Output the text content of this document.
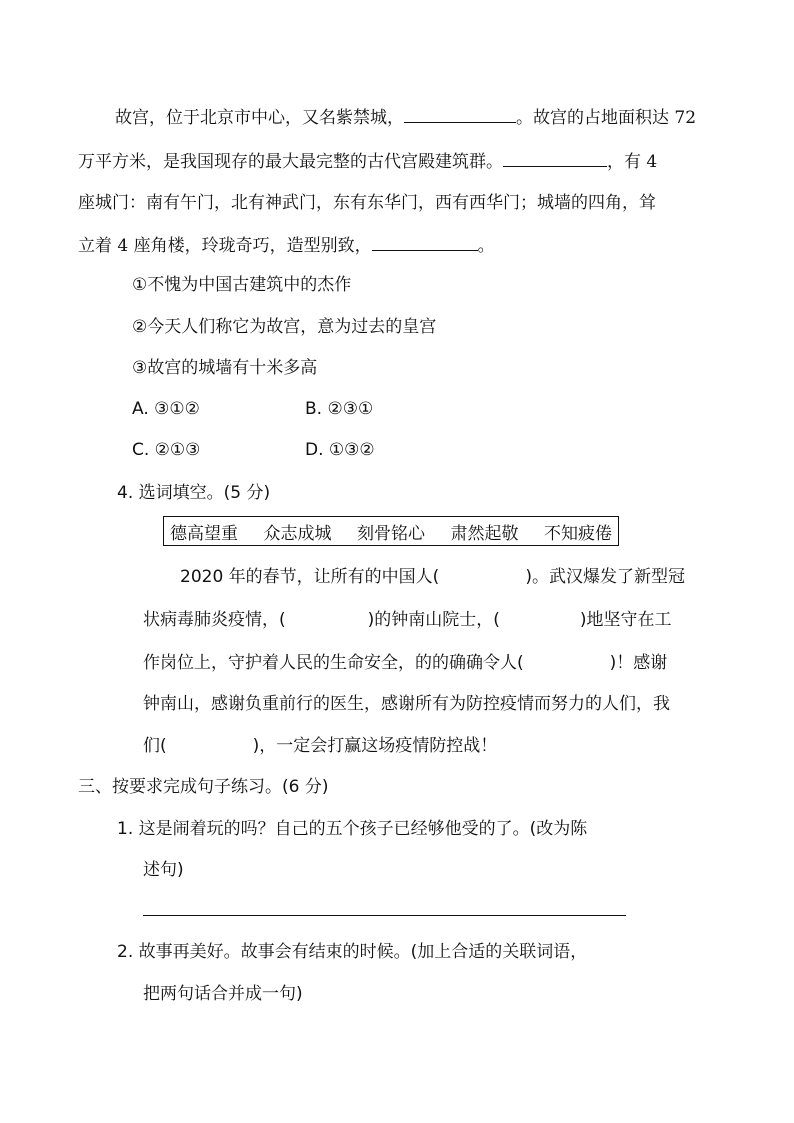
故宫，位于北京市中心，又名紫禁城，	。故宫的占地面积达 72
万平方米，是我国现存的最大最完整的古代宫殿建筑群。	，有 4
座城门：南有午门，北有神武门，东有东华门，西有西华门；城墙的四角，耸
立着 4 座角楼，玲珑奇巧，造型别致，	。
①不愧为中国古建筑中的杰作
②今天人们称它为故宫，意为过去的皇宫
③故宫的城墙有十米多高
A. ③①②	B. ②③①
C. ②①③	D. ①③②
4. 选词填空。(5 分)
德高望重 众志成城 刻骨铭心 肃然起敬 不知疲倦
2020 年的春节，让所有的中国人(	)。武汉爆发了新型冠
状病毒肺炎疫情，(	)的钟南山院士，(	)地坚守在工
作岗位上，守护着人民的生命安全，的的确确令人(	)！感谢
钟南山，感谢负重前行的医生，感谢所有为防控疫情而努力的人们，我
们(	)，一定会打赢这场疫情防控战！
三、按要求完成句子练习。(6 分)
1. 这是闹着玩的吗？自己的五个孩子已经够他受的了。(改为陈
述句)
2. 故事再美好。故事会有结束的时候。(加上合适的关联词语，
把两句话合并成一句)
